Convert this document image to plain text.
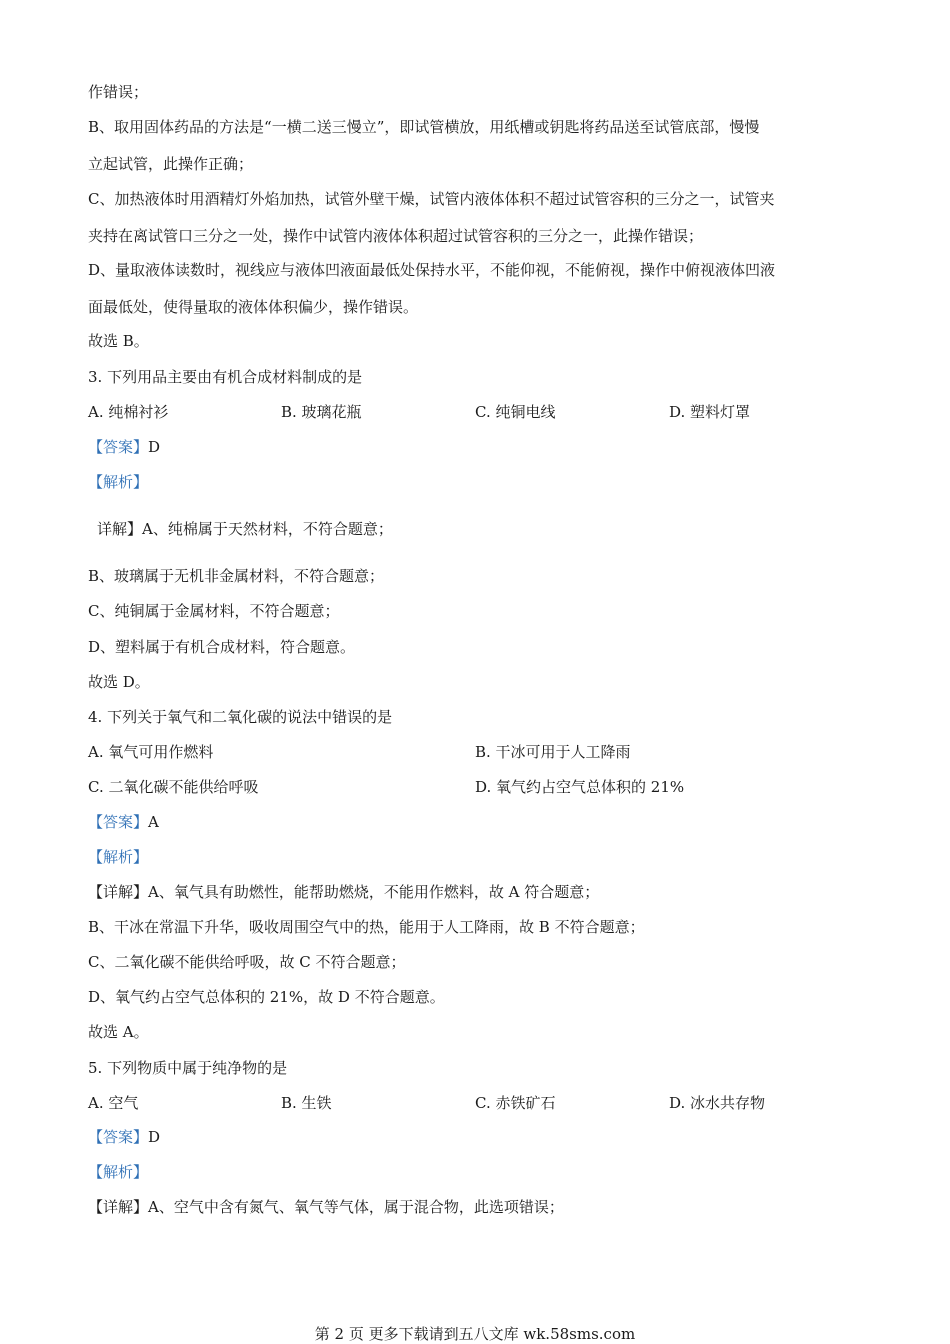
作错误；
B、取用固体药品的方法是“一横二送三慢立”，即试管横放，用纸槽或钥匙将药品送至试管底部，慢慢
立起试管，此操作正确；
C、加热液体时用酒精灯外焰加热，试管外壁干燥，试管内液体体积不超过试管容积的三分之一，试管夹
夹持在离试管口三分之一处，操作中试管内液体体积超过试管容积的三分之一，此操作错误；
D、量取液体读数时，视线应与液体凹液面最低处保持水平，不能仰视，不能俯视，操作中俯视液体凹液
面最低处，使得量取的液体体积偏少，操作错误。
故选 B。
3. 下列用品主要由有机合成材料制成的是
A. 纯棉衬衫	B. 玻璃花瓶	C. 纯铜电线	D. 塑料灯罩
【答案】D
【解析】
详解】A、纯棉属于天然材料，不符合题意；
B、玻璃属于无机非金属材料，不符合题意；
C、纯铜属于金属材料，不符合题意；
D、塑料属于有机合成材料，符合题意。
故选 D。
4. 下列关于氧气和二氧化碳的说法中错误的是
A. 氧气可用作燃料	B. 干冰可用于人工降雨
C. 二氧化碳不能供给呼吸	D. 氧气约占空气总体积的 21%
【答案】A
【解析】
【详解】A、氧气具有助燃性，能帮助燃烧，不能用作燃料，故 A 符合题意；
B、干冰在常温下升华，吸收周围空气中的热，能用于人工降雨，故 B 不符合题意；
C、二氧化碳不能供给呼吸，故 C 不符合题意；
D、氧气约占空气总体积的 21%，故 D 不符合题意。
故选 A。
5. 下列物质中属于纯净物的是
A. 空气	B. 生铁	C. 赤铁矿石	D. 冰水共存物
【答案】D
【解析】
【详解】A、空气中含有氮气、氧气等气体，属于混合物，此选项错误；
第 2 页 更多下载请到五八文库 wk.58sms.com
